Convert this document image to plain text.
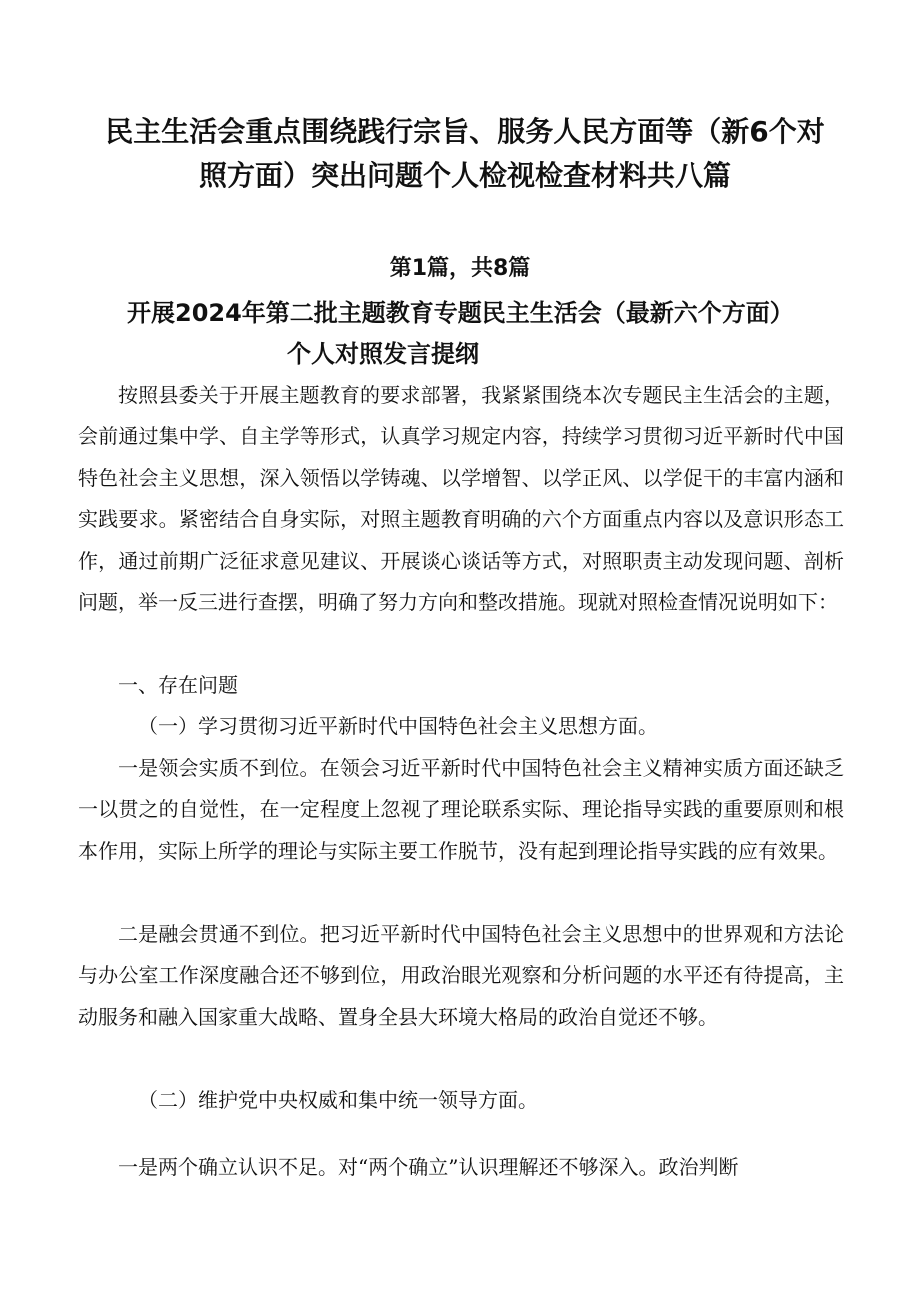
民主生活会重点围绕践行宗旨、服务人民方面等（新6个对照方面）突出问题个人检视检查材料共八篇
第1篇，共8篇
开展2024年第二批主题教育专题民主生活会（最新六个方面）
个人对照发言提纲

按照县委关于开展主题教育的要求部署，我紧紧围绕本次专题民主生活会的主题，会前通过集中学、自主学等形式，认真学习规定内容，持续学习贯彻习近平新时代中国特色社会主义思想，深入领悟以学铸魂、以学增智、以学正风、以学促干的丰富内涵和实践要求。紧密结合自身实际，对照主题教育明确的六个方面重点内容以及意识形态工作，通过前期广泛征求意见建议、开展谈心谈话等方式，对照职责主动发现问题、剖析问题，举一反三进行查摆，明确了努力方向和整改措施。现就对照检查情况说明如下：

一、存在问题

（一）学习贯彻习近平新时代中国特色社会主义思想方面。

一是领会实质不到位。在领会习近平新时代中国特色社会主义精神实质方面还缺乏一以贯之的自觉性，在一定程度上忽视了理论联系实际、理论指导实践的重要原则和根本作用，实际上所学的理论与实际主要工作脱节，没有起到理论指导实践的应有效果。

二是融会贯通不到位。把习近平新时代中国特色社会主义思想中的世界观和方法论与办公室工作深度融合还不够到位，用政治眼光观察和分析问题的水平还有待提高，主动服务和融入国家重大战略、置身全县大环境大格局的政治自觉还不够。

（二）维护党中央权威和集中统一领导方面。

一是两个确立认识不足。对“两个确立”认识理解还不够深入。政治判断
